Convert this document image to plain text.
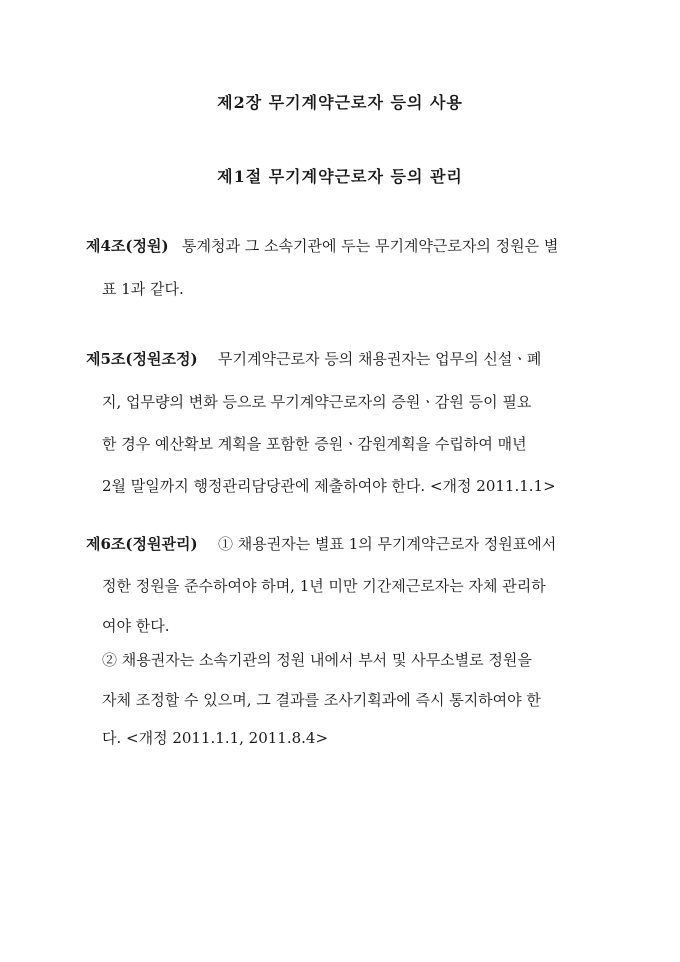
제2장 무기계약근로자 등의 사용
제1절 무기계약근로자 등의 관리
제4조(정원) 통계청과 그 소속기관에 두는 무기계약근로자의 정원은 별
표 1과 같다.
제5조(정원조정) 무기계약근로자 등의 채용권자는 업무의 신설ㆍ폐
지, 업무량의 변화 등으로 무기계약근로자의 증원ㆍ감원 등이 필요
한 경우 예산확보 계획을 포함한 증원ㆍ감원계획을 수립하여 매년
2월 말일까지 행정관리담당관에 제출하여야 한다. <개정 2011.1.1>
제6조(정원관리) ① 채용권자는 별표 1의 무기계약근로자 정원표에서
정한 정원을 준수하여야 하며, 1년 미만 기간제근로자는 자체 관리하
여야 한다.
② 채용권자는 소속기관의 정원 내에서 부서 및 사무소별로 정원을
자체 조정할 수 있으며, 그 결과를 조사기획과에 즉시 통지하여야 한
다. <개정 2011.1.1, 2011.8.4>
